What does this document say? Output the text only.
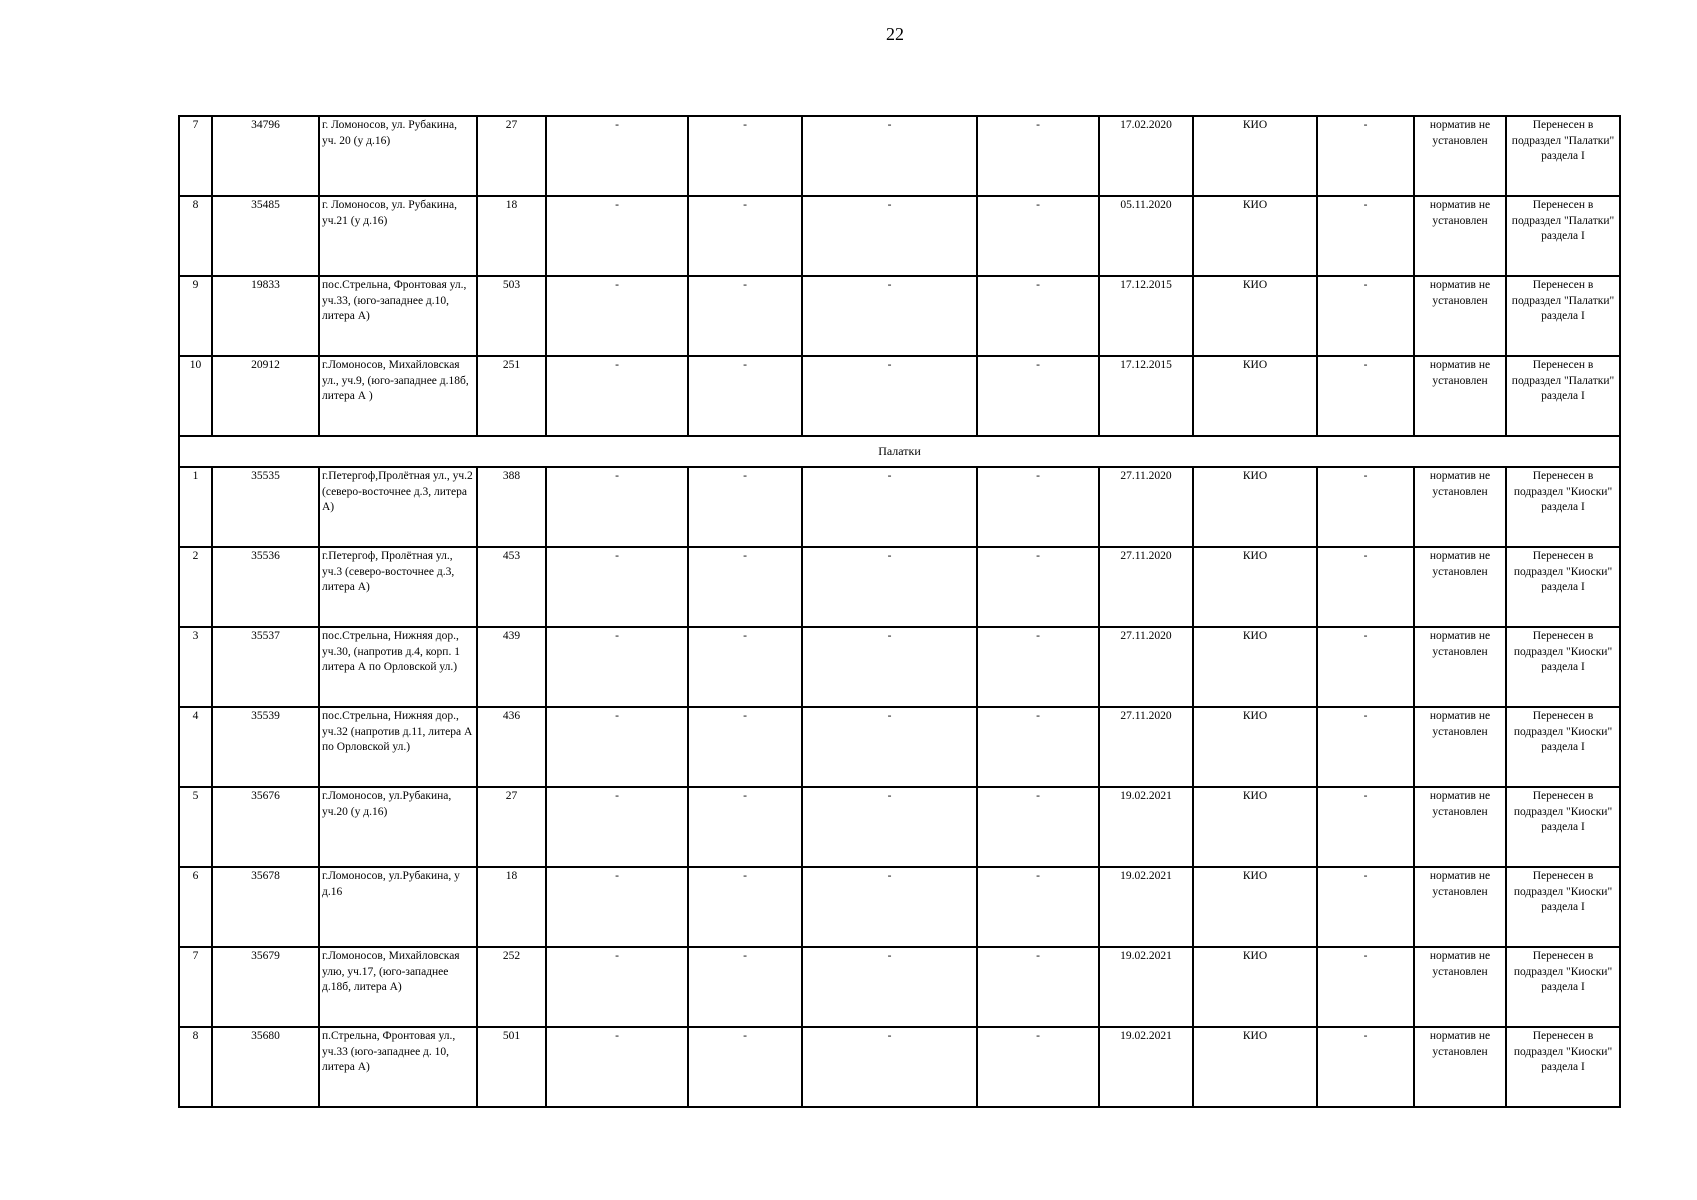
22
7	34796	г. Ломоносов, ул. Рубакина, уч. 20 (у д.16)	27	-	-	-	-	17.02.2020	КИО	-	норматив не установлен	Перенесен в подраздел "Палатки" раздела I
8	35485	г. Ломоносов, ул. Рубакина, уч.21 (у д.16)	18	-	-	-	-	05.11.2020	КИО	-	норматив не установлен	Перенесен в подраздел "Палатки" раздела I
9	19833	пос.Стрельна, Фронтовая ул., уч.33, (юго-западнее д.10, литера А)	503	-	-	-	-	17.12.2015	КИО	-	норматив не установлен	Перенесен в подраздел "Палатки" раздела I
10	20912	г.Ломоносов, Михайловская ул., уч.9, (юго-западнее д.18б, литера А )	251	-	-	-	-	17.12.2015	КИО	-	норматив не установлен	Перенесен в подраздел "Палатки" раздела I
Палатки												
1	35535	г.Петергоф,Пролётная ул., уч.2 (северо-восточнее д.3, литера А)	388	-	-	-	-	27.11.2020	КИО	-	норматив не установлен	Перенесен в подраздел "Киоски" раздела I
2	35536	г.Петергоф, Пролётная ул., уч.3 (северо-восточнее д.3, литера А)	453	-	-	-	-	27.11.2020	КИО	-	норматив не установлен	Перенесен в подраздел "Киоски" раздела I
3	35537	пос.Стрельна, Нижняя дор., уч.30, (напротив д.4, корп. 1 литера А по Орловской ул.)	439	-	-	-	-	27.11.2020	КИО	-	норматив не установлен	Перенесен в подраздел "Киоски" раздела I
4	35539	пос.Стрельна, Нижняя дор., уч.32 (напротив д.11, литера А по Орловской ул.)	436	-	-	-	-	27.11.2020	КИО	-	норматив не установлен	Перенесен в подраздел "Киоски" раздела I
5	35676	г.Ломоносов, ул.Рубакина, уч.20 (у д.16)	27	-	-	-	-	19.02.2021	КИО	-	норматив не установлен	Перенесен в подраздел "Киоски" раздела I
6	35678	г.Ломоносов, ул.Рубакина, у д.16	18	-	-	-	-	19.02.2021	КИО	-	норматив не установлен	Перенесен в подраздел "Киоски" раздела I
7	35679	г.Ломоносов, Михайловская улю, уч.17, (юго-западнее д.18б, литера А)	252	-	-	-	-	19.02.2021	КИО	-	норматив не установлен	Перенесен в подраздел "Киоски" раздела I
8	35680	п.Стрельна, Фронтовая ул., уч.33 (юго-западнее д. 10, литера А)	501	-	-	-	-	19.02.2021	КИО	-	норматив не установлен	Перенесен в подраздел "Киоски" раздела I
